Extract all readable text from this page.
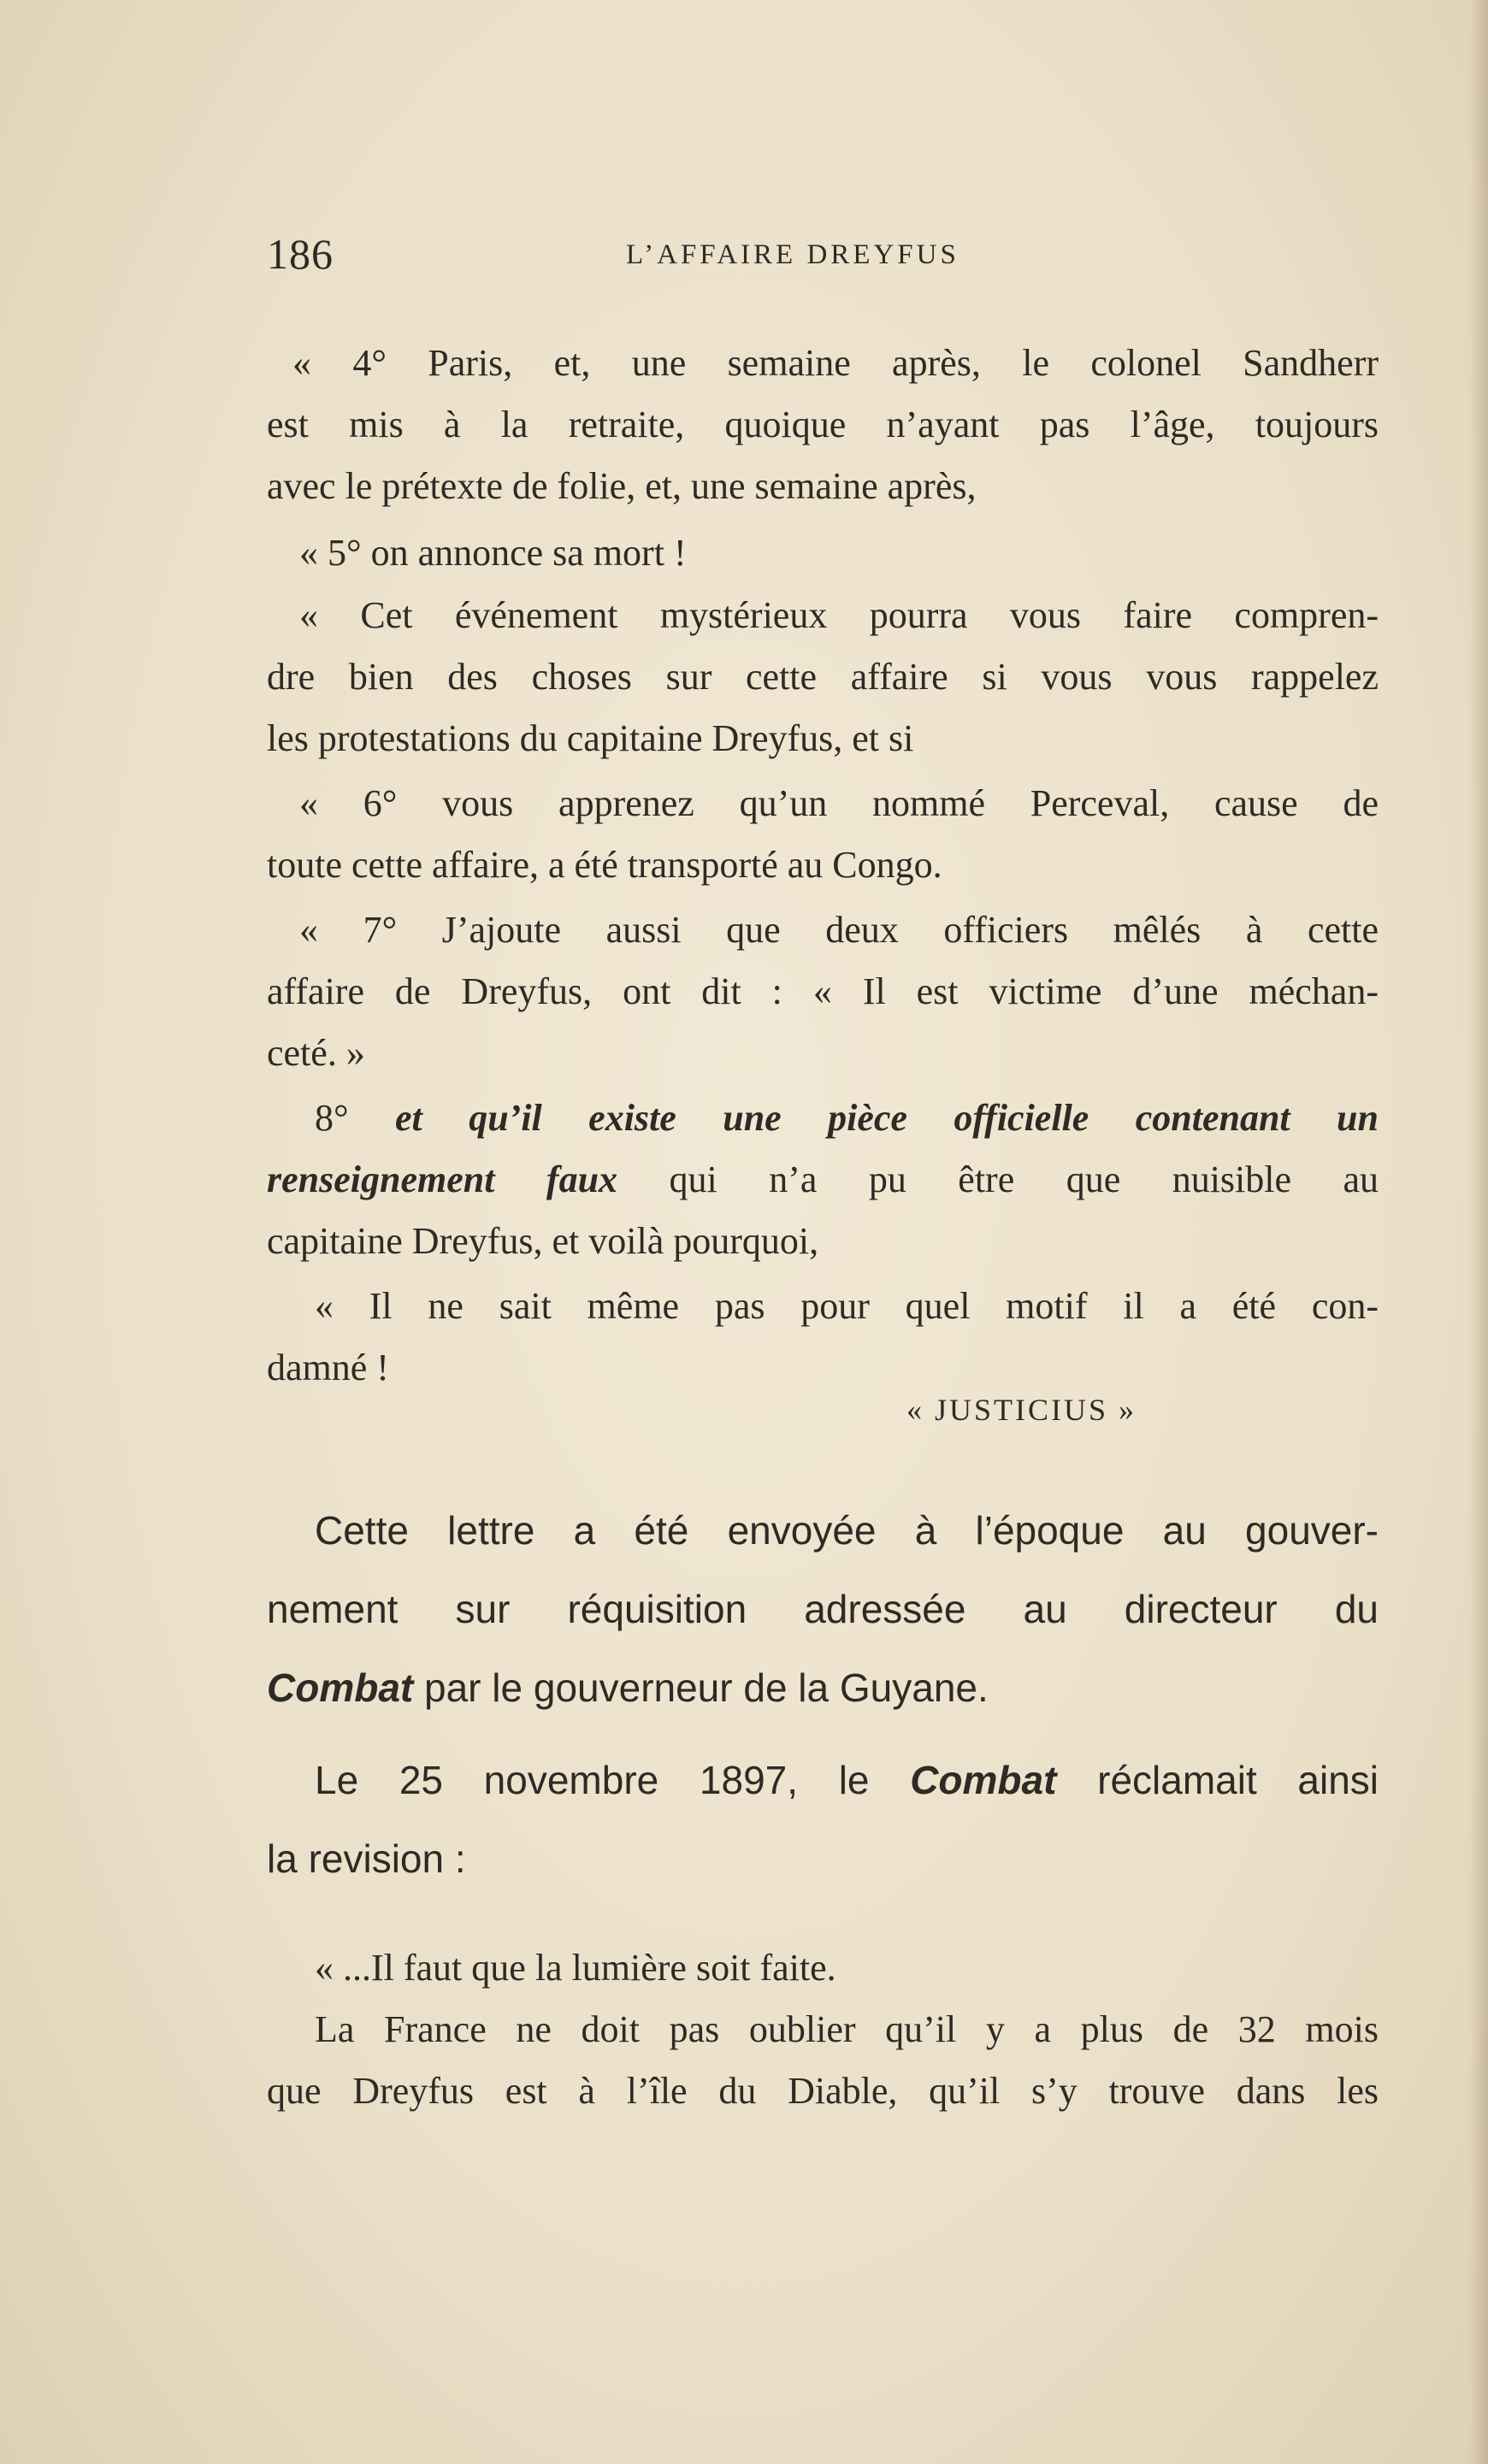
186	L’AFFAIRE DREYFUS
« 4° Paris, et, une semaine après, le colonel Sandherr
est mis à la retraite, quoique n’ayant pas l’âge, toujours
avec le prétexte de folie, et, une semaine après,
« 5° on annonce sa mort !
« Cet événement mystérieux pourra vous faire compren-
dre bien des choses sur cette affaire si vous vous rappelez
les protestations du capitaine Dreyfus, et si
« 6° vous apprenez qu’un nommé Perceval, cause de
toute cette affaire, a été transporté au Congo.
« 7° J’ajoute aussi que deux officiers mêlés à cette
affaire de Dreyfus, ont dit : « Il est victime d’une méchan-
ceté. »
8° et qu’il existe une pièce officielle contenant un
renseignement faux qui n’a pu être que nuisible au
capitaine Dreyfus, et voilà pourquoi,
« Il ne sait même pas pour quel motif il a été con-
damné !
« JUSTICIUS »
Cette lettre a été envoyée à l’époque au gouver-
nement sur réquisition adressée au directeur du
Combat par le gouverneur de la Guyane.
Le 25 novembre 1897, le Combat réclamait ainsi
la revision :
« ...Il faut que la lumière soit faite.
La France ne doit pas oublier qu’il y a plus de 32 mois
que Dreyfus est à l’île du Diable, qu’il s’y trouve dans les
